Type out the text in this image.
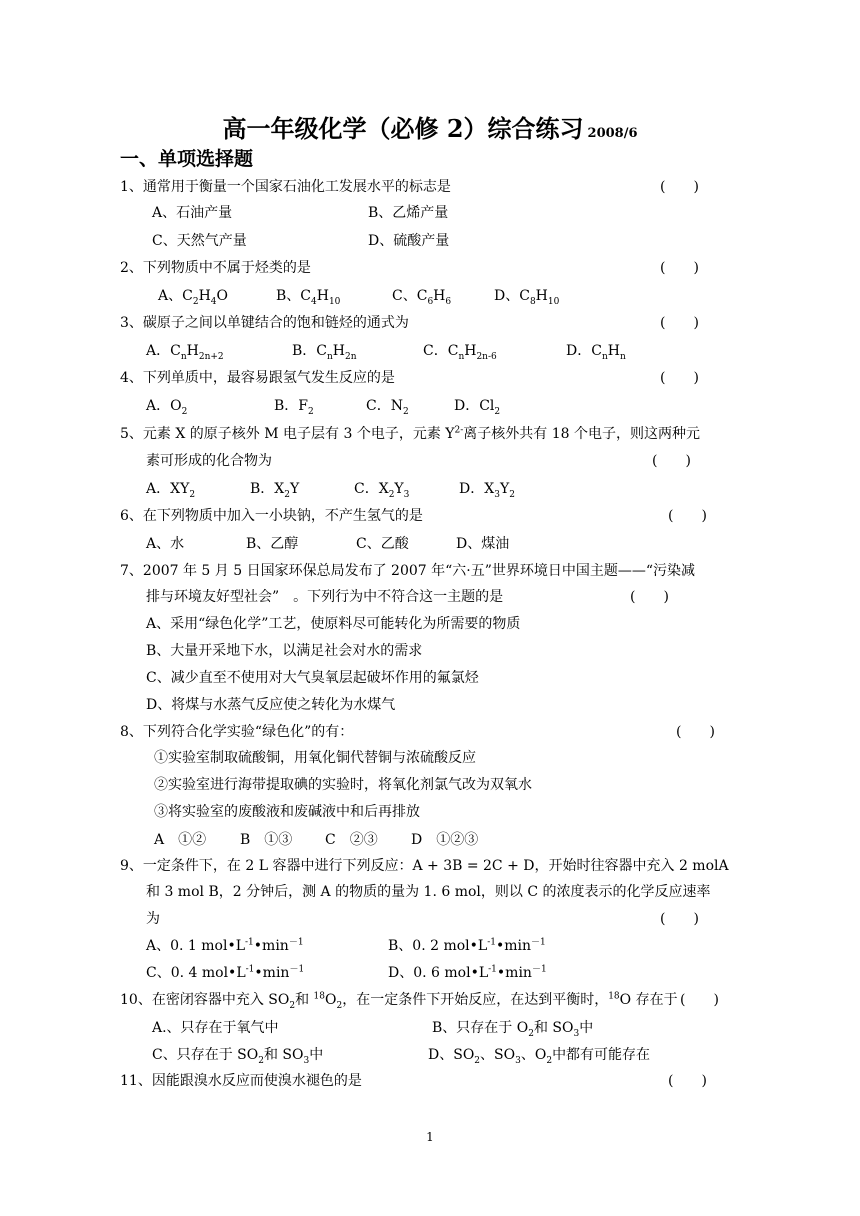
高一年级化学（必修 2）综合练习 2008/6
一、单项选择题
1、通常用于衡量一个国家石油化工发展水平的标志是	(　　)
A、石油产量	B、乙烯产量
C、天然气产量	D、硫酸产量
2、下列物质中不属于烃类的是	(　　)
A、$C_2H_4O$	B、$C_4H_{10}$	C、$C_6H_6$	D、$C_8H_{10}$
3、碳原子之间以单键结合的饱和链烃的通式为	(　　)
A．$C_nH_{2n+2}$	B．$C_nH_{2n}$	C．$C_nH_{2n-6}$	D．$C_nH_n$
4、下列单质中，最容易跟氢气发生反应的是	(　　)
A．$O_2$	B．$F_2$	C．$N_2$	D．$Cl_2$
5、元素 X 的原子核外 M 电子层有 3 个电子，元素 $Y^{2-}$离子核外共有 18 个电子，则这两种元
素可形成的化合物为	(　　)
A．$XY_2$	B．$X_2Y$	C．$X_2Y_3$	D．$X_3Y_2$
6、在下列物质中加入一小块钠，不产生氢气的是	(　　)
A、水	B、乙醇	C、乙酸	D、煤油
7、2007 年 5 月 5 日国家环保总局发布了 2007 年“六·五”世界环境日中国主题——“污染减
排与环境友好型社会”　。下列行为中不符合这一主题的是	(　　)
A、采用“绿色化学”工艺，使原料尽可能转化为所需要的物质
B、大量开采地下水，以满足社会对水的需求
C、减少直至不使用对大气臭氧层起破坏作用的氟氯烃
D、将煤与水蒸气反应使之转化为水煤气
8、下列符合化学实验“绿色化”的有：	(　　)
①实验室制取硫酸铜，用氧化铜代替铜与浓硫酸反应
②实验室进行海带提取碘的实验时，将氧化剂氯气改为双氧水
③将实验室的废酸液和废碱液中和后再排放
A　①② B　①③ C　②③ D　①②③
9、一定条件下，在 2 L 容器中进行下列反应：A + 3B = 2C + D，开始时往容器中充入 2 molA
和 3 mol B，2 分钟后，测 A 的物质的量为 1. 6 mol，则以 C 的浓度表示的化学反应速率
为	(　　)
A、0. 1 $mol•L^{-1}•\min^{-1}$	B、0. 2 $mol•L^{-1}•\min^{-1}$
C、0. 4 $mol•L^{-1}•\min^{-1}$	D、0. 6 $mol•L^{-1}•\min^{-1}$
10、在密闭容器中充入 $SO_2$和 $^{18}O_2$，在一定条件下开始反应，在达到平衡时，$^{18}$O 存在于 (　　)
A.、只存在于氧气中	B、只存在于 $O_2$和 $SO_3$中
C、只存在于 $SO_2$和 $SO_3$中	D、$SO_2$、$SO_3$、$O_2$中都有可能存在
11、因能跟溴水反应而使溴水褪色的是	(　　)
1
